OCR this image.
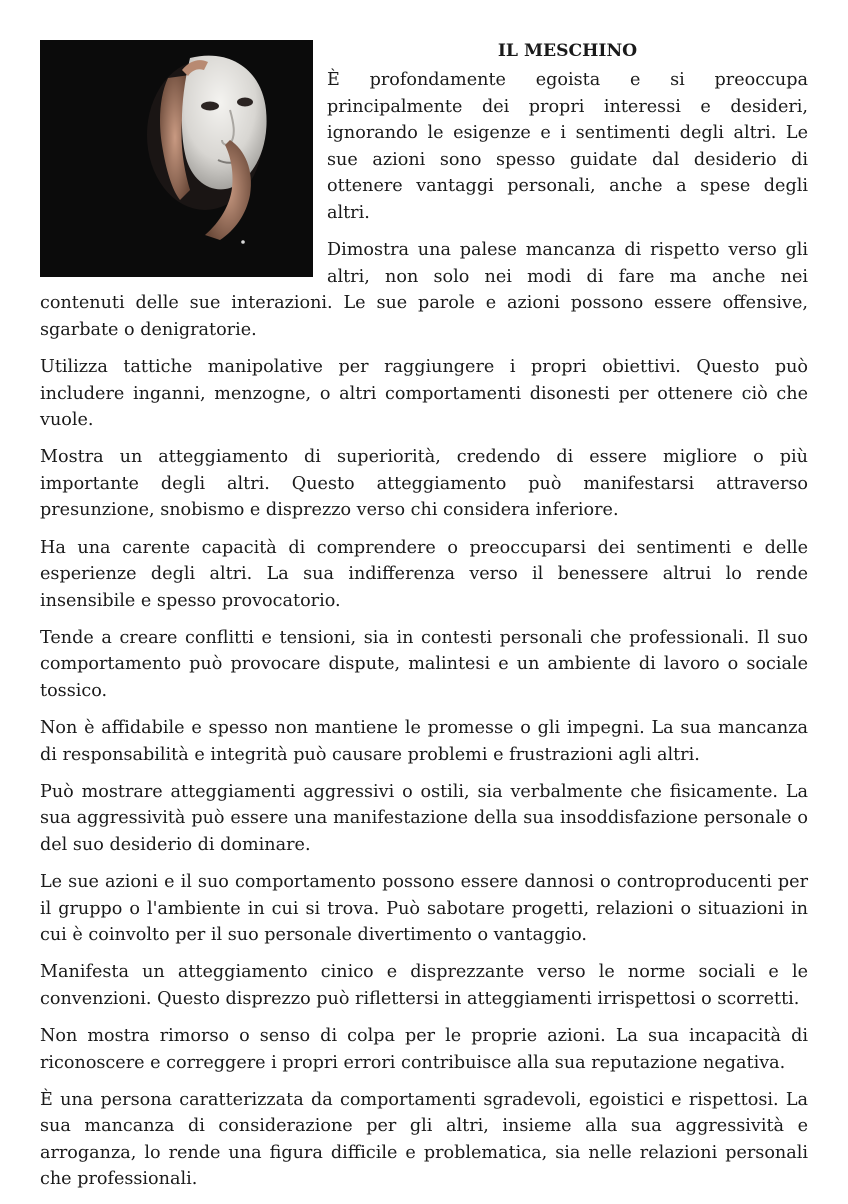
IL MESCHINO

È profondamente egoista e si preoccupa principalmente dei propri interessi e desideri, ignorando le esigenze e i sentimenti degli altri. Le sue azioni sono spesso guidate dal desiderio di ottenere vantaggi personali, anche a spese degli altri.

Dimostra una palese mancanza di rispetto verso gli altri, non solo nei modi di fare ma anche nei contenuti delle sue interazioni. Le sue parole e azioni possono essere offensive, sgarbate o denigratorie.

Utilizza tattiche manipolative per raggiungere i propri obiettivi. Questo può includere inganni, menzogne, o altri comportamenti disonesti per ottenere ciò che vuole.

Mostra un atteggiamento di superiorità, credendo di essere migliore o più importante degli altri. Questo atteggiamento può manifestarsi attraverso presunzione, snobismo e disprezzo verso chi considera inferiore.

Ha una carente capacità di comprendere o preoccuparsi dei sentimenti e delle esperienze degli altri. La sua indifferenza verso il benessere altrui lo rende insensibile e spesso provocatorio.

Tende a creare conflitti e tensioni, sia in contesti personali che professionali. Il suo comportamento può provocare dispute, malintesi e un ambiente di lavoro o sociale tossico.

Non è affidabile e spesso non mantiene le promesse o gli impegni. La sua mancanza di responsabilità e integrità può causare problemi e frustrazioni agli altri.

Può mostrare atteggiamenti aggressivi o ostili, sia verbalmente che fisicamente. La sua aggressività può essere una manifestazione della sua insoddisfazione personale o del suo desiderio di dominare.

Le sue azioni e il suo comportamento possono essere dannosi o controproducenti per il gruppo o l'ambiente in cui si trova. Può sabotare progetti, relazioni o situazioni in cui è coinvolto per il suo personale divertimento o vantaggio.

Manifesta un atteggiamento cinico e disprezzante verso le norme sociali e le convenzioni. Questo disprezzo può riflettersi in atteggiamenti irrispettosi o scorretti.

Non mostra rimorso o senso di colpa per le proprie azioni. La sua incapacità di riconoscere e correggere i propri errori contribuisce alla sua reputazione negativa.

È una persona caratterizzata da comportamenti sgradevoli, egoistici e rispettosi. La sua mancanza di considerazione per gli altri, insieme alla sua aggressività e arroganza, lo rende una figura difficile e problematica, sia nelle relazioni personali che professionali.
